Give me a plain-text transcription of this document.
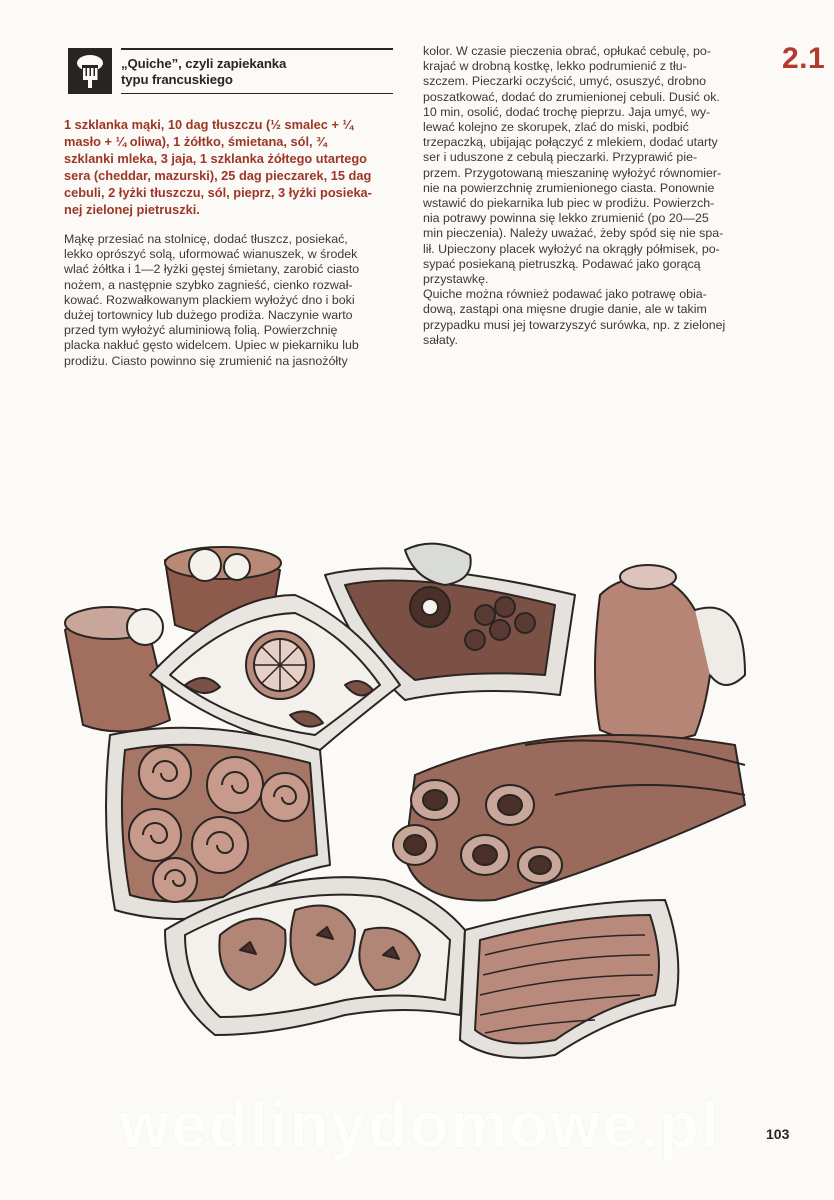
„Quiche”, czyli zapiekanka
typu francuskiego
2.1
1 szklanka mąki, 10 dag tłuszczu (½ smalec + ¼
masło + ¼ oliwa), 1 żółtko, śmietana, sól, ¾
szklanki mleka, 3 jaja, 1 szklanka żółtego utartego
sera (cheddar, mazurski), 25 dag pieczarek, 15 dag
cebuli, 2 łyżki tłuszczu, sól, pieprz, 3 łyżki posieka-
nej zielonej pietruszki.
Mąkę przesiać na stolnicę, dodać tłuszcz, posiekać,
lekko oprószyć solą, uformować wianuszek, w środek
wlać żółtka i 1—2 łyżki gęstej śmietany, zarobić ciasto
nożem, a następnie szybko zagnieść, cienko rozwał-
kować. Rozwałkowanym plackiem wyłożyć dno i boki
dużej tortownicy lub dużego prodiża. Naczynie warto
przed tym wyłożyć aluminiową folią. Powierzchnię
placka nakłuć gęsto widelcem. Upiec w piekarniku lub
prodiżu. Ciasto powinno się zrumienić na jasnożółty
kolor. W czasie pieczenia obrać, opłukać cebulę, po-
krajać w drobną kostkę, lekko podrumienić z tłu-
szczem. Pieczarki oczyścić, umyć, osuszyć, drobno
poszatkować, dodać do zrumienionej cebuli. Dusić ok.
10 min, osolić, dodać trochę pieprzu. Jaja umyć, wy-
lewać kolejno ze skorupek, zlać do miski, podbić
trzepaczką, ubijając połączyć z mlekiem, dodać utarty
ser i uduszone z cebulą pieczarki. Przyprawić pie-
przem. Przygotowaną mieszaninę wyłożyć równomier-
nie na powierzchnię zrumienionego ciasta. Ponownie
wstawić do piekarnika lub piec w prodiżu. Powierzch-
nia potrawy powinna się lekko zrumienić (po 20—25
min pieczenia). Należy uważać, żeby spód się nie spa-
lił. Upieczony placek wyłożyć na okrągły półmisek, po-
sypać posiekaną pietruszką. Podawać jako gorącą
przystawkę.
Quiche można również podawać jako potrawę obia-
dową, zastąpi ona mięsne drugie danie, ale w takim
przypadku musi jej towarzyszyć surówka, np. z zielonej
sałaty.
wedlinydomowe.pl	103
